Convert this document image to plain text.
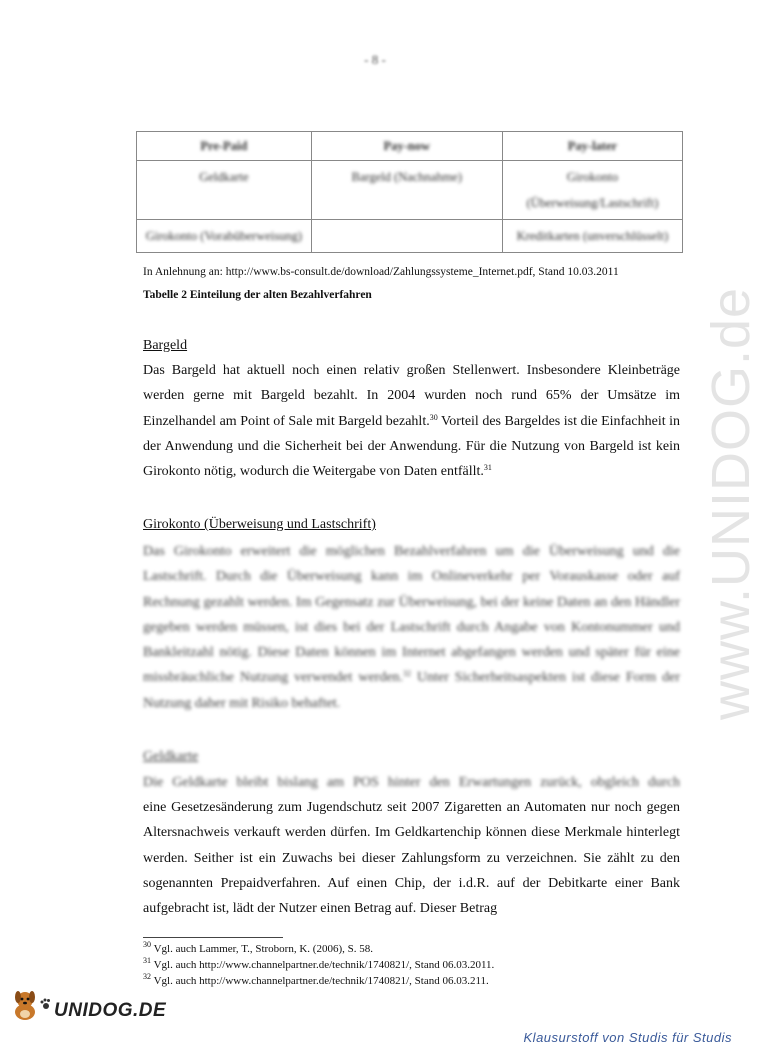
- 8 -
Pre-Paid	Pay-now	Pay-later
Geldkarte	Bargeld (Nachnahme)	Girokonto (Überweisung/Lastschrift)
Girokonto (Vorabüberweisung)		Kreditkarten (unverschlüsselt)
In Anlehnung an: http://www.bs-consult.de/download/Zahlungssysteme_Internet.pdf, Stand 10.03.2011
Tabelle 2 Einteilung der alten Bezahlverfahren
Bargeld
Das Bargeld hat aktuell noch einen relativ großen Stellenwert. Insbesondere Kleinbeträge werden gerne mit Bargeld bezahlt. In 2004 wurden noch rund 65% der Umsätze im Einzelhandel am Point of Sale mit Bargeld bezahlt.$^{30}$ Vorteil des Bargeldes ist die Einfachheit in der Anwendung und die Sicherheit bei der Anwendung. Für die Nutzung von Bargeld ist kein Girokonto nötig, wodurch die Weitergabe von Daten entfällt.$^{31}$
Girokonto (Überweisung und Lastschrift)
Das Girokonto erweitert die möglichen Bezahlverfahren um die Überweisung und die Lastschrift. Durch die Überweisung kann im Onlineverkehr per Vorauskasse oder auf Rechnung gezahlt werden. Im Gegensatz zur Überweisung, bei der keine Daten an den Händler gegeben werden müssen, ist dies bei der Lastschrift durch Angabe von Kontonummer und Bankleitzahl nötig. Diese Daten können im Internet abgefangen werden und später für eine missbräuchliche Nutzung verwendet werden.$^{32}$ Unter Sicherheitsaspekten ist diese Form der Nutzung daher mit Risiko behaftet.
Geldkarte
Die Geldkarte bleibt bislang am POS hinter den Erwartungen zurück, obgleich durch
eine Gesetzesänderung zum Jugendschutz seit 2007 Zigaretten an Automaten nur noch gegen Altersnachweis verkauft werden dürfen. Im Geldkartenchip können diese Merkmale hinterlegt werden. Seither ist ein Zuwachs bei dieser Zahlungsform zu verzeichnen. Sie zählt zu den sogenannten Prepaidverfahren. Auf einen Chip, der i.d.R. auf der Debitkarte einer Bank aufgebracht ist, lädt der Nutzer einen Betrag auf. Dieser Betrag
$^{30}$ Vgl. auch Lammer, T., Stroborn, K. (2006), S. 58.
$^{31}$ Vgl. auch http://www.channelpartner.de/technik/1740821/, Stand 06.03.2011.
$^{32}$ Vgl. auch http://www.channelpartner.de/technik/1740821/, Stand 06.03.211.
www.UNIDOG.de
UNIDOG.DE
Klausurstoff von Studis für Studis
